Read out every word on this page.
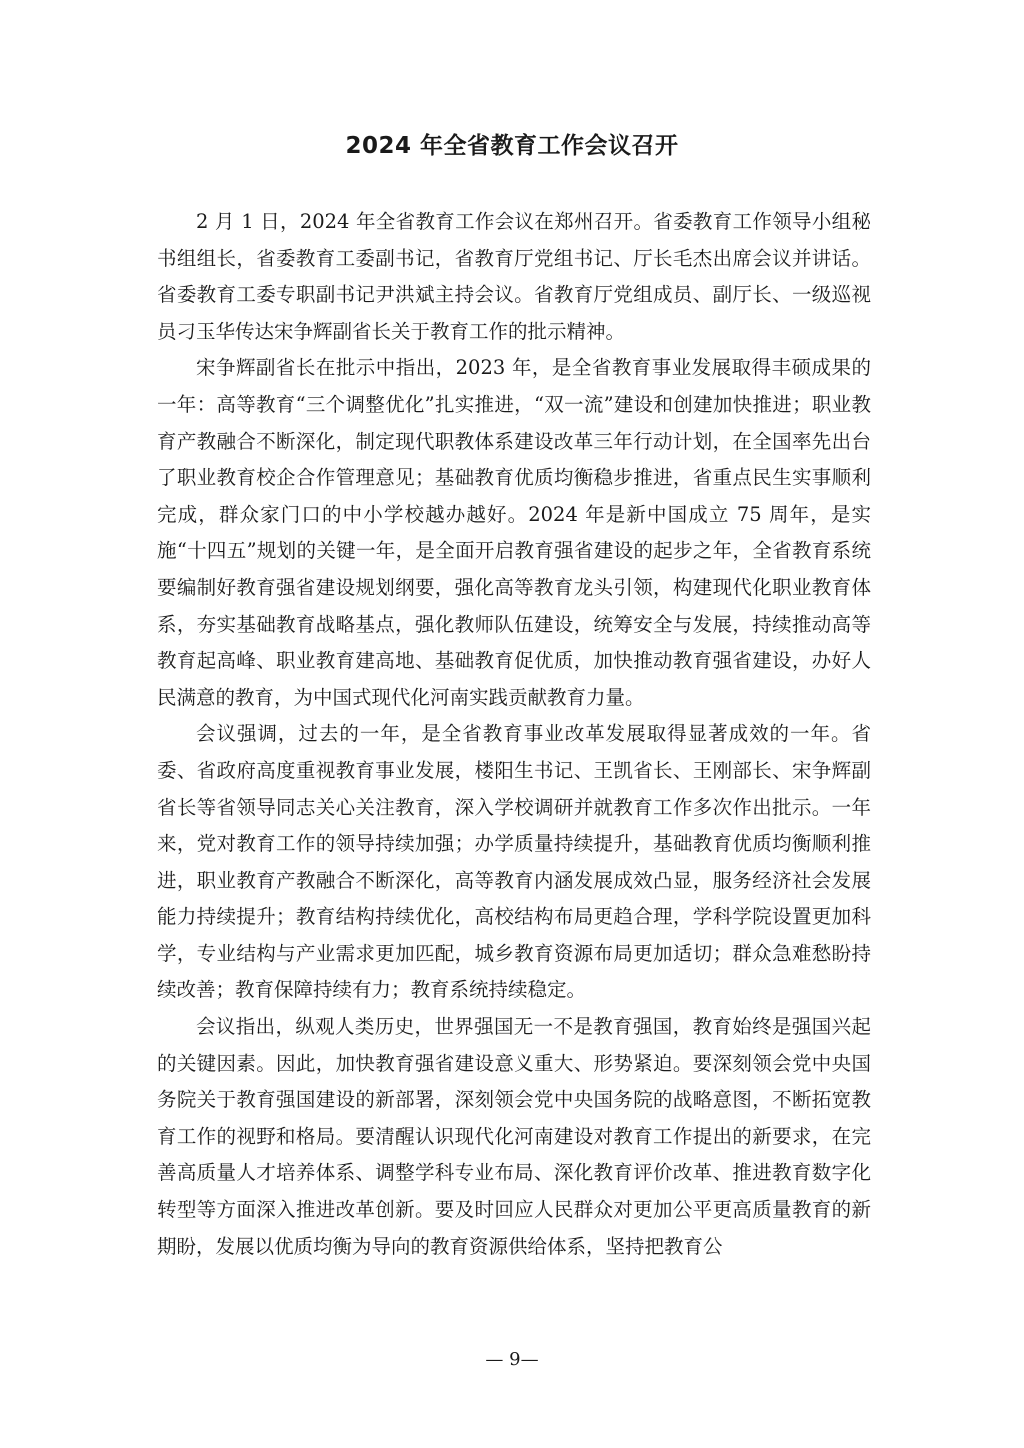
2024 年全省教育工作会议召开

2 月 1 日，2024 年全省教育工作会议在郑州召开。省委教育工作领导小组秘书组组长，省委教育工委副书记，省教育厅党组书记、厅长毛杰出席会议并讲话。省委教育工委专职副书记尹洪斌主持会议。省教育厅党组成员、副厅长、一级巡视员刁玉华传达宋争辉副省长关于教育工作的批示精神。

宋争辉副省长在批示中指出，2023 年，是全省教育事业发展取得丰硕成果的一年：高等教育“三个调整优化”扎实推进，“双一流”建设和创建加快推进；职业教育产教融合不断深化，制定现代职教体系建设改革三年行动计划，在全国率先出台了职业教育校企合作管理意见；基础教育优质均衡稳步推进，省重点民生实事顺利完成，群众家门口的中小学校越办越好。2024 年是新中国成立 75 周年，是实施“十四五”规划的关键一年，是全面开启教育强省建设的起步之年，全省教育系统要编制好教育强省建设规划纲要，强化高等教育龙头引领，构建现代化职业教育体系，夯实基础教育战略基点，强化教师队伍建设，统筹安全与发展，持续推动高等教育起高峰、职业教育建高地、基础教育促优质，加快推动教育强省建设，办好人民满意的教育，为中国式现代化河南实践贡献教育力量。

会议强调，过去的一年，是全省教育事业改革发展取得显著成效的一年。省委、省政府高度重视教育事业发展，楼阳生书记、王凯省长、王刚部长、宋争辉副省长等省领导同志关心关注教育，深入学校调研并就教育工作多次作出批示。一年来，党对教育工作的领导持续加强；办学质量持续提升，基础教育优质均衡顺利推进，职业教育产教融合不断深化，高等教育内涵发展成效凸显，服务经济社会发展能力持续提升；教育结构持续优化，高校结构布局更趋合理，学科学院设置更加科学，专业结构与产业需求更加匹配，城乡教育资源布局更加适切；群众急难愁盼持续改善；教育保障持续有力；教育系统持续稳定。

会议指出，纵观人类历史，世界强国无一不是教育强国，教育始终是强国兴起的关键因素。因此，加快教育强省建设意义重大、形势紧迫。要深刻领会党中央国务院关于教育强国建设的新部署，深刻领会党中央国务院的战略意图，不断拓宽教育工作的视野和格局。要清醒认识现代化河南建设对教育工作提出的新要求，在完善高质量人才培养体系、调整学科专业布局、深化教育评价改革、推进教育数字化转型等方面深入推进改革创新。要及时回应人民群众对更加公平更高质量教育的新期盼，发展以优质均衡为导向的教育资源供给体系，坚持把教育公

— 9—
